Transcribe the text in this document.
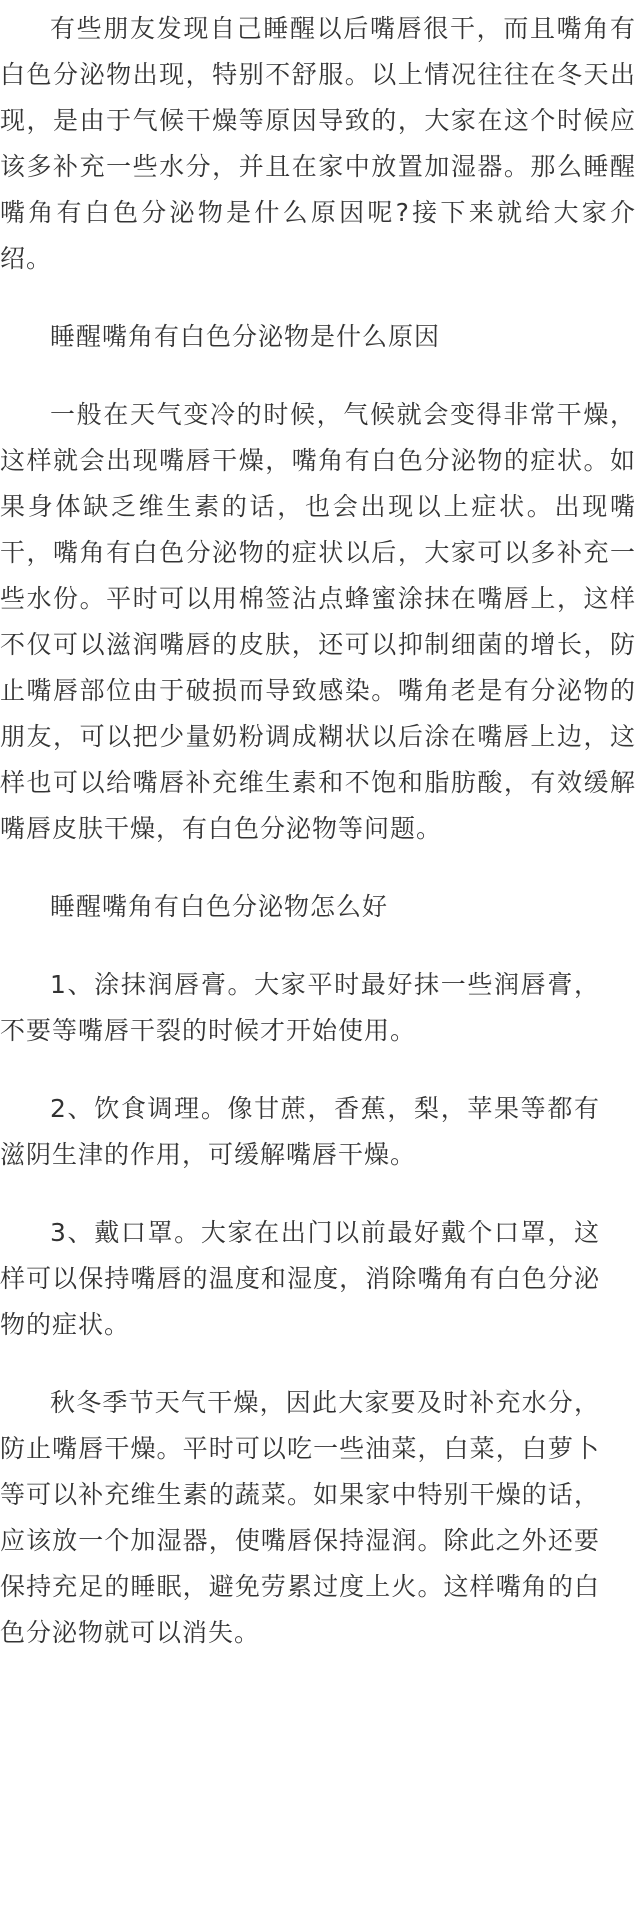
有些朋友发现自己睡醒以后嘴唇很干，而且嘴角有白色分泌物出现，特别不舒服。以上情况往往在冬天出现，是由于气候干燥等原因导致的，大家在这个时候应该多补充一些水分，并且在家中放置加湿器。那么睡醒嘴角有白色分泌物是什么原因呢?接下来就给大家介绍。

睡醒嘴角有白色分泌物是什么原因

一般在天气变冷的时候，气候就会变得非常干燥，这样就会出现嘴唇干燥，嘴角有白色分泌物的症状。如果身体缺乏维生素的话，也会出现以上症状。出现嘴干，嘴角有白色分泌物的症状以后，大家可以多补充一些水份。平时可以用棉签沾点蜂蜜涂抹在嘴唇上，这样不仅可以滋润嘴唇的皮肤，还可以抑制细菌的增长，防止嘴唇部位由于破损而导致感染。嘴角老是有分泌物的朋友，可以把少量奶粉调成糊状以后涂在嘴唇上边，这样也可以给嘴唇补充维生素和不饱和脂肪酸，有效缓解嘴唇皮肤干燥，有白色分泌物等问题。

睡醒嘴角有白色分泌物怎么好

1、涂抹润唇膏。大家平时最好抹一些润唇膏，不要等嘴唇干裂的时候才开始使用。

2、饮食调理。像甘蔗，香蕉，梨，苹果等都有滋阴生津的作用，可缓解嘴唇干燥。

3、戴口罩。大家在出门以前最好戴个口罩，这样可以保持嘴唇的温度和湿度，消除嘴角有白色分泌物的症状。

秋冬季节天气干燥，因此大家要及时补充水分，防止嘴唇干燥。平时可以吃一些油菜，白菜，白萝卜等可以补充维生素的蔬菜。如果家中特别干燥的话，应该放一个加湿器，使嘴唇保持湿润。除此之外还要保持充足的睡眠，避免劳累过度上火。这样嘴角的白色分泌物就可以消失。
